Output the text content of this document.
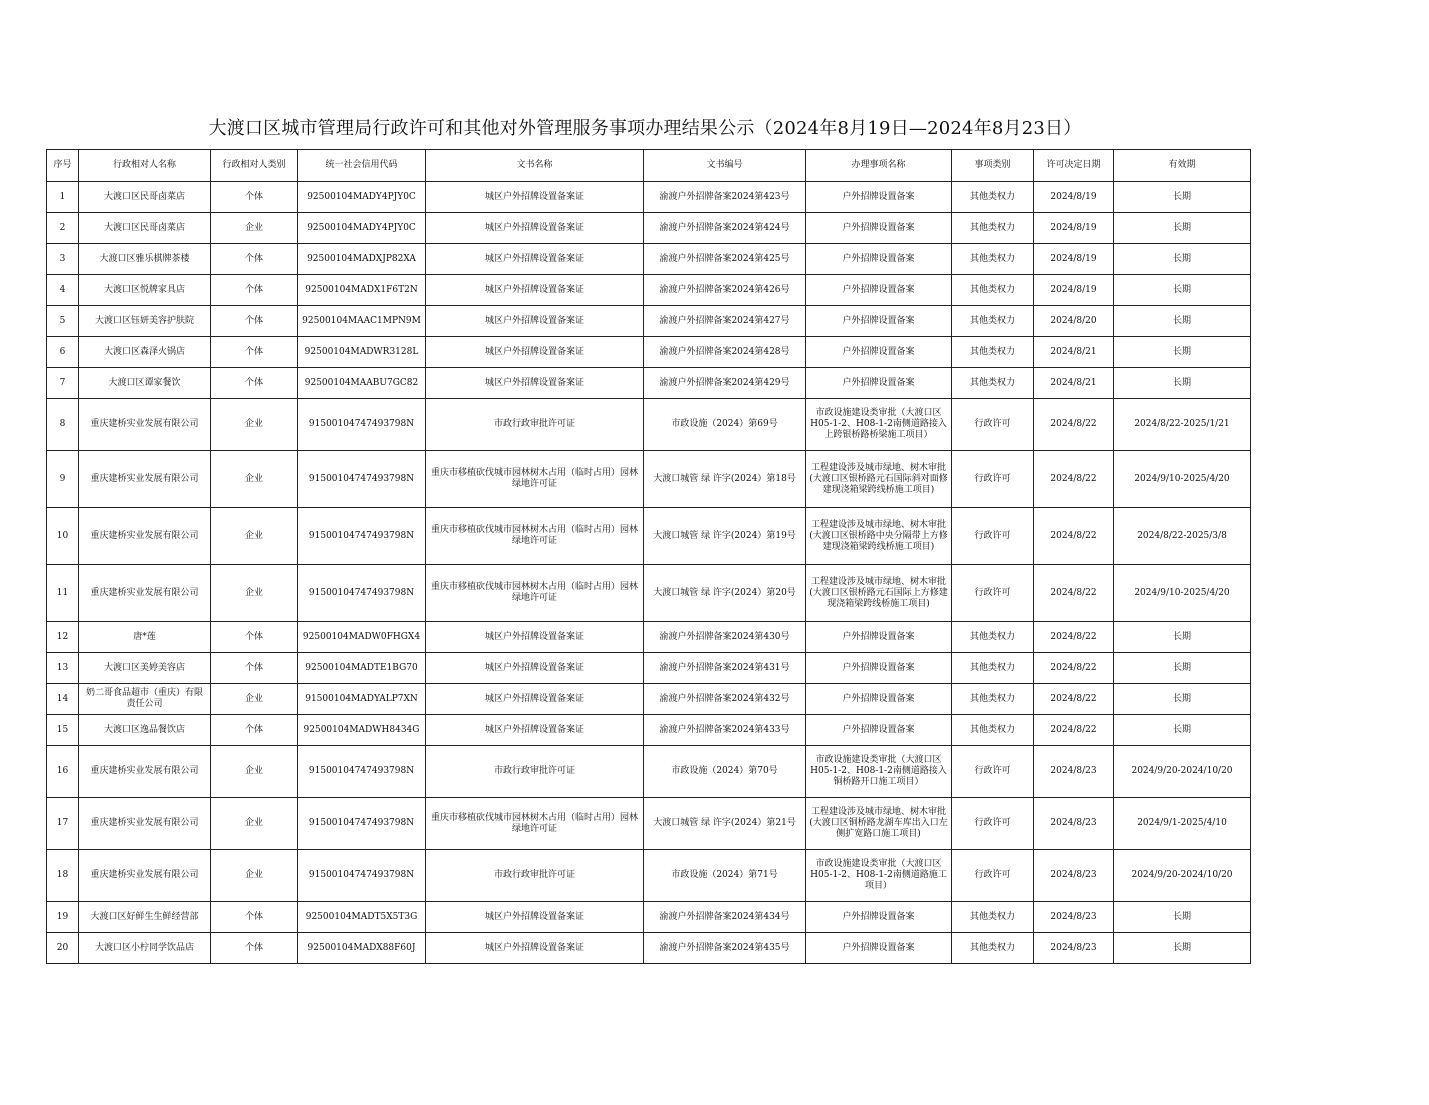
大渡口区城市管理局行政许可和其他对外管理服务事项办理结果公示（2024年8月19日—2024年8月23日）
序号	行政相对人名称	行政相对人类别	统一社会信用代码	文书名称	文书编号	办理事项名称	事项类别	许可决定日期	有效期
1	大渡口区民哥卤菜店	个体	92500104MADY4PJY0C	城区户外招牌设置备案证	渝渡户外招牌备案2024第423号	户外招牌设置备案	其他类权力	2024/8/19	长期
2	大渡口区民哥卤菜店	企业	92500104MADY4PJY0C	城区户外招牌设置备案证	渝渡户外招牌备案2024第424号	户外招牌设置备案	其他类权力	2024/8/19	长期
3	大渡口区雅乐棋牌茶楼	个体	92500104MADXJP82XA	城区户外招牌设置备案证	渝渡户外招牌备案2024第425号	户外招牌设置备案	其他类权力	2024/8/19	长期
4	大渡口区悦牌家具店	个体	92500104MADX1F6T2N	城区户外招牌设置备案证	渝渡户外招牌备案2024第426号	户外招牌设置备案	其他类权力	2024/8/19	长期
5	大渡口区钰妍美容护肤院	个体	92500104MAAC1MPN9M	城区户外招牌设置备案证	渝渡户外招牌备案2024第427号	户外招牌设置备案	其他类权力	2024/8/20	长期
6	大渡口区森泽火锅店	个体	92500104MADWR3128L	城区户外招牌设置备案证	渝渡户外招牌备案2024第428号	户外招牌设置备案	其他类权力	2024/8/21	长期
7	大渡口区谭家餐饮	个体	92500104MAABU7GC82	城区户外招牌设置备案证	渝渡户外招牌备案2024第429号	户外招牌设置备案	其他类权力	2024/8/21	长期
8	重庆建桥实业发展有限公司	企业	91500104747493798N	市政行政审批许可证	市政设施（2024）第69号	市政设施建设类审批（大渡口区H05-1-2、H08-1-2南侧道路接入上跨银桥路桥梁施工项目）	行政许可	2024/8/22	2024/8/22-2025/1/21
9	重庆建桥实业发展有限公司	企业	91500104747493798N	重庆市移植砍伐城市园林树木占用（临时占用）园林绿地许可证	大渡口城管 绿 许字(2024）第18号	工程建设涉及城市绿地、树木审批(大渡口区银桥路元石国际斜对面修建现浇箱梁跨线桥施工项目)	行政许可	2024/8/22	2024/9/10-2025/4/20
10	重庆建桥实业发展有限公司	企业	91500104747493798N	重庆市移植砍伐城市园林树木占用（临时占用）园林绿地许可证	大渡口城管 绿 许字(2024）第19号	工程建设涉及城市绿地、树木审批(大渡口区银桥路中央分隔带上方修建现浇箱梁跨线桥施工项目)	行政许可	2024/8/22	2024/8/22-2025/3/8
11	重庆建桥实业发展有限公司	企业	91500104747493798N	重庆市移植砍伐城市园林树木占用（临时占用）园林绿地许可证	大渡口城管 绿 许字(2024）第20号	工程建设涉及城市绿地、树木审批(大渡口区银桥路元石国际上方修建现浇箱梁跨线桥施工项目)	行政许可	2024/8/22	2024/9/10-2025/4/20
12	唐*莲	个体	92500104MADW0FHGX4	城区户外招牌设置备案证	渝渡户外招牌备案2024第430号	户外招牌设置备案	其他类权力	2024/8/22	长期
13	大渡口区美婷美容店	个体	92500104MADTE1BG70	城区户外招牌设置备案证	渝渡户外招牌备案2024第431号	户外招牌设置备案	其他类权力	2024/8/22	长期
14	奶二哥食品超市（重庆）有限责任公司	企业	91500104MADYALP7XN	城区户外招牌设置备案证	渝渡户外招牌备案2024第432号	户外招牌设置备案	其他类权力	2024/8/22	长期
15	大渡口区逸品餐饮店	个体	92500104MADWH8434G	城区户外招牌设置备案证	渝渡户外招牌备案2024第433号	户外招牌设置备案	其他类权力	2024/8/22	长期
16	重庆建桥实业发展有限公司	企业	91500104747493798N	市政行政审批许可证	市政设施（2024）第70号	市政设施建设类审批（大渡口区H05-1-2、H08-1-2南侧道路接入铜桥路开口施工项目）	行政许可	2024/8/23	2024/9/20-2024/10/20
17	重庆建桥实业发展有限公司	企业	91500104747493798N	重庆市移植砍伐城市园林树木占用（临时占用）园林绿地许可证	大渡口城管 绿 许字(2024）第21号	工程建设涉及城市绿地、树木审批(大渡口区铜桥路龙湖车库出入口左侧扩宽路口施工项目)	行政许可	2024/8/23	2024/9/1-2025/4/10
18	重庆建桥实业发展有限公司	企业	91500104747493798N	市政行政审批许可证	市政设施（2024）第71号	市政设施建设类审批（大渡口区H05-1-2、H08-1-2南侧道路施工项目）	行政许可	2024/8/23	2024/9/20-2024/10/20
19	大渡口区好鲜生生鲜经营部	个体	92500104MADT5X5T3G	城区户外招牌设置备案证	渝渡户外招牌备案2024第434号	户外招牌设置备案	其他类权力	2024/8/23	长期
20	大渡口区小柠同学饮品店	个体	92500104MADX88F60J	城区户外招牌设置备案证	渝渡户外招牌备案2024第435号	户外招牌设置备案	其他类权力	2024/8/23	长期
